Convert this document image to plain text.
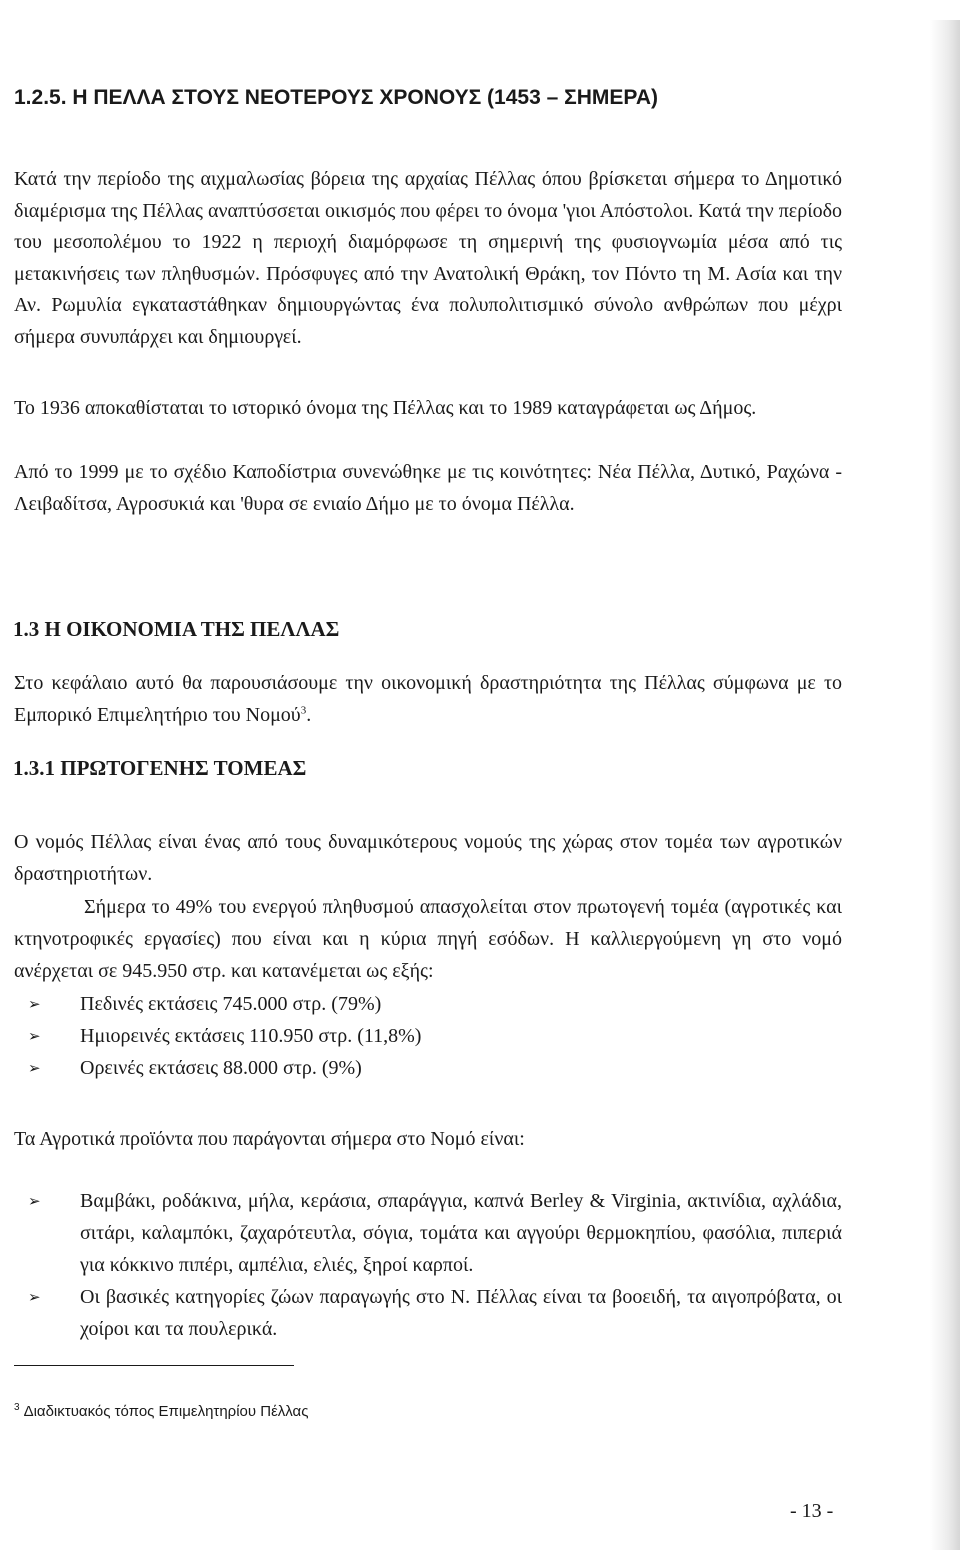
1.2.5. Η ΠΕΛΛΑ ΣΤΟΥΣ ΝΕΟΤΕΡΟΥΣ ΧΡΟΝΟΥΣ (1453 – ΣΗΜΕΡΑ)
Κατά την περίοδο της αιχμαλωσίας βόρεια της αρχαίας Πέλλας όπου βρίσκεται σήμερα το Δημοτικό διαμέρισμα της Πέλλας αναπτύσσεται οικισμός που φέρει το όνομα 'γιοι Απόστολοι. Κατά την περίοδο του μεσοπολέμου το 1922 η περιοχή διαμόρφωσε τη σημερινή της φυσιογνωμία μέσα από τις μετακινήσεις των πληθυσμών. Πρόσφυγες από την Ανατολική Θράκη, τον Πόντο τη Μ. Ασία και την Αν. Ρωμυλία εγκαταστάθηκαν δημιουργώντας ένα πολυπολιτισμικό σύνολο ανθρώπων που μέχρι σήμερα συνυπάρχει και δημιουργεί.
Το 1936 αποκαθίσταται το ιστορικό όνομα της Πέλλας και το 1989 καταγράφεται ως Δήμος.
Από το 1999 με το σχέδιο Καποδίστρια συνενώθηκε με τις κοινότητες: Νέα Πέλλα, Δυτικό, Ραχώνα - Λειβαδίτσα, Αγροσυκιά και 'θυρα σε ενιαίο Δήμο με το όνομα Πέλλα.
1.3 Η ΟΙΚΟΝΟΜΙΑ ΤΗΣ ΠΕΛΛΑΣ
Στο κεφάλαιο αυτό θα παρουσιάσουμε την οικονομική δραστηριότητα της Πέλλας σύμφωνα με το Εμπορικό Επιμελητήριο του Νομού$^3$.
1.3.1 ΠΡΩΤΟΓΕΝΗΣ ΤΟΜΕΑΣ
Ο νομός Πέλλας είναι ένας από τους δυναμικότερους νομούς της χώρας στον τομέα των αγροτικών δραστηριοτήτων.
Σήμερα το 49% του ενεργού πληθυσμού απασχολείται στον πρωτογενή τομέα (αγροτικές και κτηνοτροφικές εργασίες) που είναι και η κύρια πηγή εσόδων. Η καλλιεργούμενη γη στο νομό ανέρχεται σε 945.950 στρ. και κατανέμεται ως εξής:
➢ Πεδινές εκτάσεις 745.000 στρ. (79%)
➢ Ημιορεινές εκτάσεις 110.950 στρ. (11,8%)
➢ Ορεινές εκτάσεις 88.000 στρ. (9%)
Τα Αγροτικά προϊόντα που παράγονται σήμερα στο Νομό είναι:
➢ Βαμβάκι, ροδάκινα, μήλα, κεράσια, σπαράγγια, καπνά Berley & Virginia, ακτινίδια, αχλάδια, σιτάρι, καλαμπόκι, ζαχαρότευτλα, σόγια, τομάτα και αγγούρι θερμοκηπίου, φασόλια, πιπεριά για κόκκινο πιπέρι, αμπέλια, ελιές, ξηροί καρποί.
➢ Οι βασικές κατηγορίες ζώων παραγωγής στο Ν. Πέλλας είναι τα βοοειδή, τα αιγοπρόβατα, οι χοίροι και τα πουλερικά.
$^3$ Διαδικτυακός τόπος Επιμελητηρίου Πέλλας
- 13 -
